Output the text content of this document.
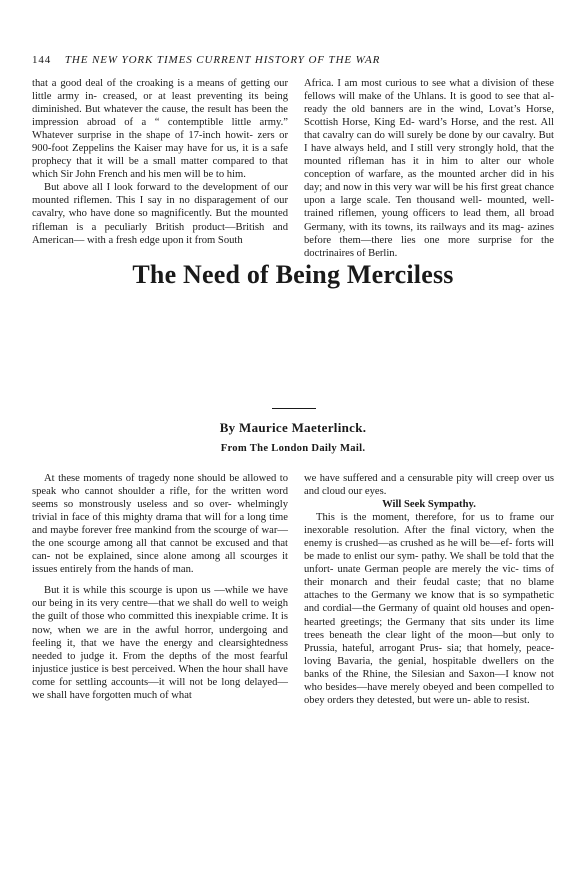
144 THE NEW YORK TIMES CURRENT HISTORY OF THE WAR

that a good deal of the croaking is a means of getting our little army in- creased, or at least preventing its being diminished. But whatever the cause, the result has been the impression abroad of a “ contemptible little army.” Whatever surprise in the shape of 17-inch howit- zers or 900-foot Zeppelins the Kaiser may have for us, it is a safe prophecy that it will be a small matter compared to that which Sir John French and his men will be to him.

But above all I look forward to the development of our mounted riflemen. This I say in no disparagement of our cavalry, who have done so magnificently. But the mounted rifleman is a peculiarly British product—British and American— with a fresh edge upon it from South

Africa. I am most curious to see what a division of these fellows will make of the Uhlans. It is good to see that al- ready the old banners are in the wind, Lovat’s Horse, Scottish Horse, King Ed- ward’s Horse, and the rest. All that cavalry can do will surely be done by our cavalry. But I have always held, and I still very strongly hold, that the mounted rifleman has it in him to alter our whole conception of warfare, as the mounted archer did in his day; and now in this very war will be his first great chance upon a large scale. Ten thousand well- mounted, well-trained riflemen, young officers to lead them, all broad Germany, with its towns, its railways and its mag- azines before them—there lies one more surprise for the doctrinaires of Berlin.

The Need of Being Merciless
By Maurice Maeterlinck.
From The London Daily Mail.

At these moments of tragedy none should be allowed to speak who cannot shoulder a rifle, for the written word seems so monstrously useless and so over- whelmingly trivial in face of this mighty drama that will for a long time and maybe forever free mankind from the scourge of war—the one scourge among all that cannot be excused and that can- not be explained, since alone among all scourges it issues entirely from the hands of man.

But it is while this scourge is upon us —while we have our being in its very centre—that we shall do well to weigh the guilt of those who committed this inexpiable crime. It is now, when we are in the awful horror, undergoing and feeling it, that we have the energy and clearsightedness needed to judge it. From the depths of the most fearful injustice justice is best perceived. When the hour shall have come for settling accounts—it will not be long delayed— we shall have forgotten much of what

we have suffered and a censurable pity will creep over us and cloud our eyes.

Will Seek Sympathy.

This is the moment, therefore, for us to frame our inexorable resolution. After the final victory, when the enemy is crushed—as crushed as he will be—ef- forts will be made to enlist our sym- pathy. We shall be told that the unfort- unate German people are merely the vic- tims of their monarch and their feudal caste; that no blame attaches to the Germany we know that is so sympathetic and cordial—the Germany of quaint old houses and open-hearted greetings; the Germany that sits under its lime trees beneath the clear light of the moon—but only to Prussia, hateful, arrogant Prus- sia; that homely, peace-loving Bavaria, the genial, hospitable dwellers on the banks of the Rhine, the Silesian and Saxon—I know not who besides—have merely obeyed and been compelled to obey orders they detested, but were un- able to resist.
